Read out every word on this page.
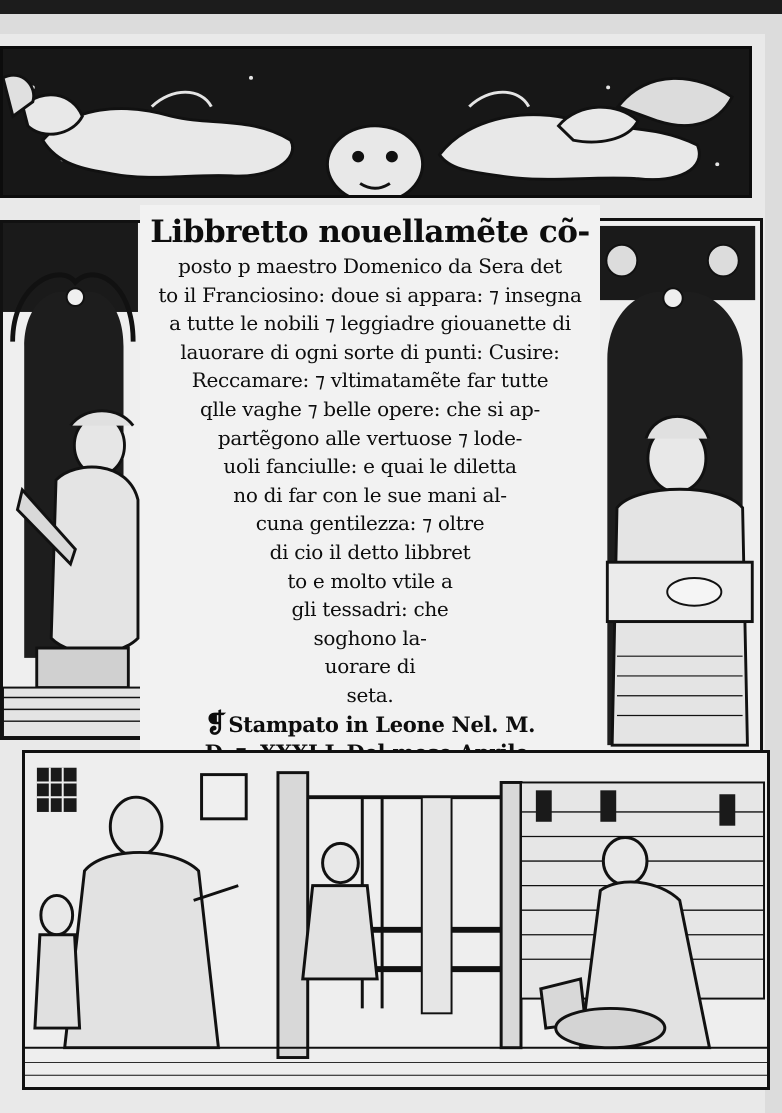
Libbretto nouellamẽte cõ-
posto p maestro Domenico da Sera det
to il Franciosino: doue si appara: ⁊ insegna
a tutte le nobili ⁊ leggiadre giouanette di
lauorare di ogni sorte di punti: Cusire:
Reccamare: ⁊ vltimatamẽte far tutte
qlle vaghe ⁊ belle opere: che si ap-
partẽgono alle vertuose ⁊ lode-
uoli fanciulle: e quai le diletta
no di far con le sue mani al-
cuna gentilezza: ⁊ oltre
di cio il detto libbret
to e molto vtile a
gli tessadri: che
soghono la-
uorare di
seta.
❡Stampato in Leone Nel. M.
